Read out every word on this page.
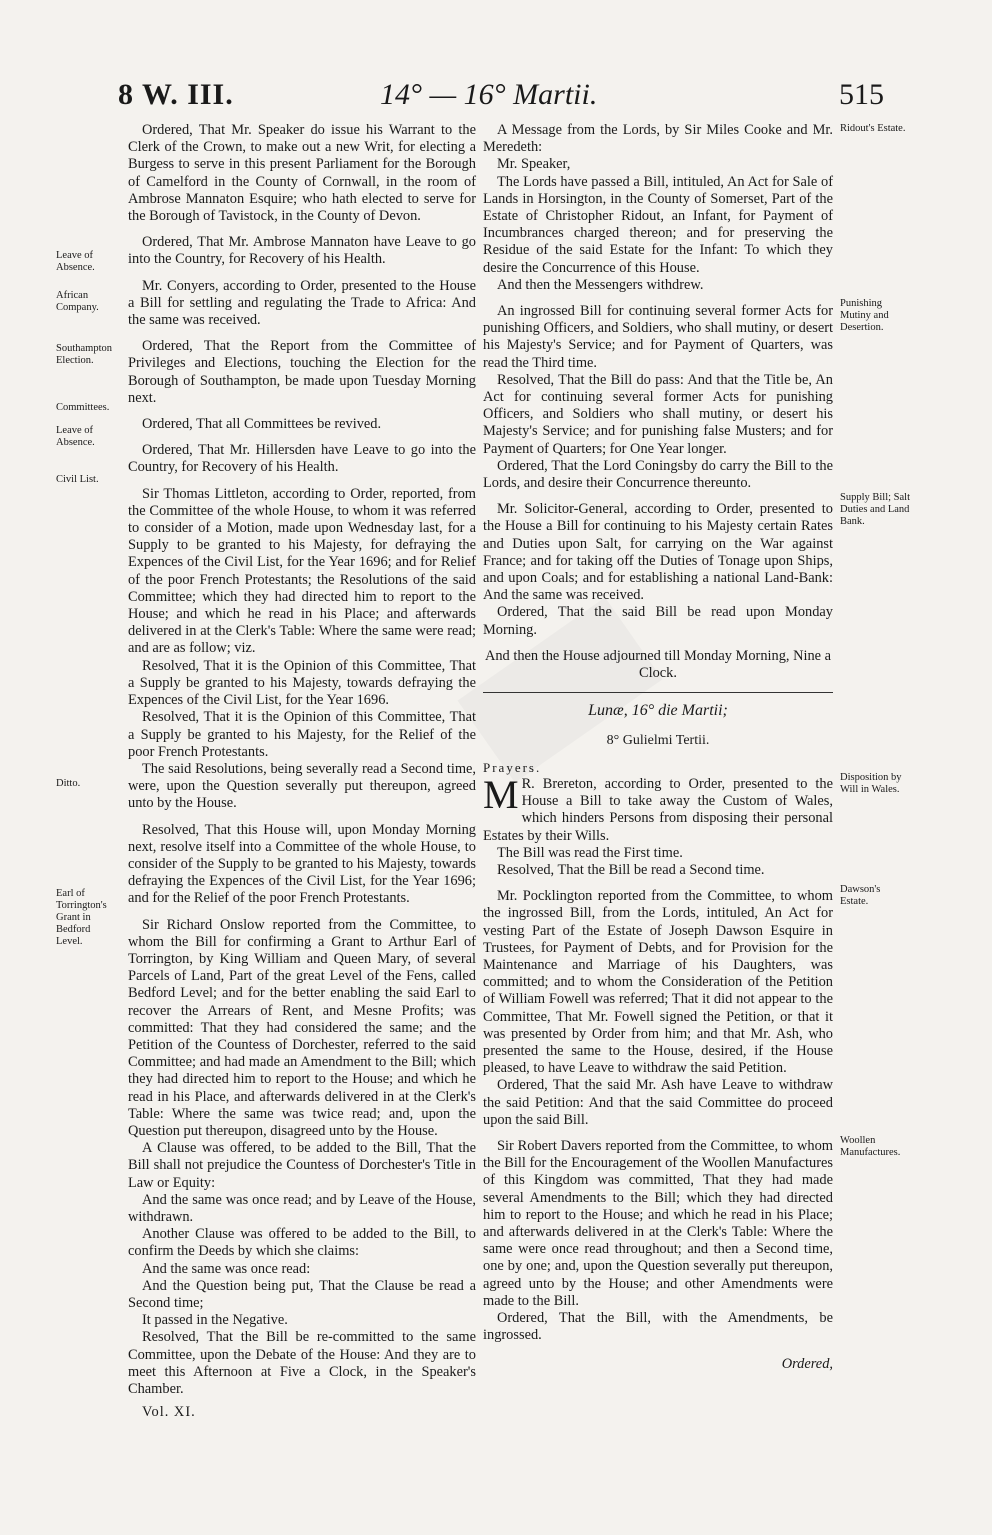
8 W. III.	14° — 16° Martii.	515
Leave of Absence.
African Company.
Southampton Election.
Committees.
Leave of Absence.
Civil List.
Ditto.
Earl of Torrington's Grant in Bedford Level.
Ridout's Estate.
Punishing Mutiny and Desertion.
Supply Bill; Salt Duties and Land Bank.
Disposition by Will in Wales.
Dawson's Estate.
Woollen Manufactures.

Ordered, That Mr. Speaker do issue his Warrant to the Clerk of the Crown, to make out a new Writ, for electing a Burgess to serve in this present Parliament for the Borough of Camelford in the County of Cornwall, in the room of Ambrose Mannaton Esquire; who hath elected to serve for the Borough of Tavistock, in the County of Devon.

Ordered, That Mr. Ambrose Mannaton have Leave to go into the Country, for Recovery of his Health.

Mr. Conyers, according to Order, presented to the House a Bill for settling and regulating the Trade to Africa: And the same was received.

Ordered, That the Report from the Committee of Privileges and Elections, touching the Election for the Borough of Southampton, be made upon Tuesday Morning next.

Ordered, That all Committees be revived.

Ordered, That Mr. Hillersden have Leave to go into the Country, for Recovery of his Health.

Sir Thomas Littleton, according to Order, reported, from the Committee of the whole House, to whom it was referred to consider of a Motion, made upon Wednesday last, for a Supply to be granted to his Majesty, for defraying the Expences of the Civil List, for the Year 1696; and for Relief of the poor French Protestants; the Resolutions of the said Committee; which they had directed him to report to the House; and which he read in his Place; and afterwards delivered in at the Clerk's Table: Where the same were read; and are as follow; viz.

Resolved, That it is the Opinion of this Committee, That a Supply be granted to his Majesty, towards defraying the Expences of the Civil List, for the Year 1696.

Resolved, That it is the Opinion of this Committee, That a Supply be granted to his Majesty, for the Relief of the poor French Protestants.

The said Resolutions, being severally read a Second time, were, upon the Question severally put thereupon, agreed unto by the House.

Resolved, That this House will, upon Monday Morning next, resolve itself into a Committee of the whole House, to consider of the Supply to be granted to his Majesty, towards defraying the Expences of the Civil List, for the Year 1696; and for the Relief of the poor French Protestants.

Sir Richard Onslow reported from the Committee, to whom the Bill for confirming a Grant to Arthur Earl of Torrington, by King William and Queen Mary, of several Parcels of Land, Part of the great Level of the Fens, called Bedford Level; and for the better enabling the said Earl to recover the Arrears of Rent, and Mesne Profits; was committed: That they had considered the same; and the Petition of the Countess of Dorchester, referred to the said Committee; and had made an Amendment to the Bill; which they had directed him to report to the House; and which he read in his Place, and afterwards delivered in at the Clerk's Table: Where the same was twice read; and, upon the Question put thereupon, disagreed unto by the House.

A Clause was offered, to be added to the Bill, That the Bill shall not prejudice the Countess of Dorchester's Title in Law or Equity:

And the same was once read; and by Leave of the House, withdrawn.

Another Clause was offered to be added to the Bill, to confirm the Deeds by which she claims:

And the same was once read:

And the Question being put, That the Clause be read a Second time;

It passed in the Negative.

Resolved, That the Bill be re-committed to the same Committee, upon the Debate of the House: And they are to meet this Afternoon at Five a Clock, in the Speaker's Chamber.

Vol. XI.

A Message from the Lords, by Sir Miles Cooke and Mr. Meredeth:

Mr. Speaker,

The Lords have passed a Bill, intituled, An Act for Sale of Lands in Horsington, in the County of Somerset, Part of the Estate of Christopher Ridout, an Infant, for Payment of Incumbrances charged thereon; and for preserving the Residue of the said Estate for the Infant: To which they desire the Concurrence of this House.

And then the Messengers withdrew.

An ingrossed Bill for continuing several former Acts for punishing Officers, and Soldiers, who shall mutiny, or desert his Majesty's Service; and for Payment of Quarters, was read the Third time.

Resolved, That the Bill do pass: And that the Title be, An Act for continuing several former Acts for punishing Officers, and Soldiers who shall mutiny, or desert his Majesty's Service; and for punishing false Musters; and for Payment of Quarters; for One Year longer.

Ordered, That the Lord Coningsby do carry the Bill to the Lords, and desire their Concurrence thereunto.

Mr. Solicitor-General, according to Order, presented to the House a Bill for continuing to his Majesty certain Rates and Duties upon Salt, for carrying on the War against France; and for taking off the Duties of Tonage upon Ships, and upon Coals; and for establishing a national Land-Bank: And the same was received.

Ordered, That the said Bill be read upon Monday Morning.

And then the House adjourned till Monday Morning, Nine a Clock.

Lunæ, 16° die Martii;

8° Gulielmi Tertii.

Prayers.

M R. Brereton, according to Order, presented to the House a Bill to take away the Custom of Wales, which hinders Persons from disposing their personal Estates by their Wills.

The Bill was read the First time.

Resolved, That the Bill be read a Second time.

Mr. Pocklington reported from the Committee, to whom the ingrossed Bill, from the Lords, intituled, An Act for vesting Part of the Estate of Joseph Dawson Esquire in Trustees, for Payment of Debts, and for Provision for the Maintenance and Marriage of his Daughters, was committed; and to whom the Consideration of the Petition of William Fowell was referred; That it did not appear to the Committee, That Mr. Fowell signed the Petition, or that it was presented by Order from him; and that Mr. Ash, who presented the same to the House, desired, if the House pleased, to have Leave to withdraw the said Petition.

Ordered, That the said Mr. Ash have Leave to withdraw the said Petition: And that the said Committee do proceed upon the said Bill.

Sir Robert Davers reported from the Committee, to whom the Bill for the Encouragement of the Woollen Manufactures of this Kingdom was committed, That they had made several Amendments to the Bill; which they had directed him to report to the House; and which he read in his Place; and afterwards delivered in at the Clerk's Table: Where the same were once read throughout; and then a Second time, one by one; and, upon the Question severally put thereupon, agreed unto by the House; and other Amendments were made to the Bill.

Ordered, That the Bill, with the Amendments, be ingrossed.

Ordered,
